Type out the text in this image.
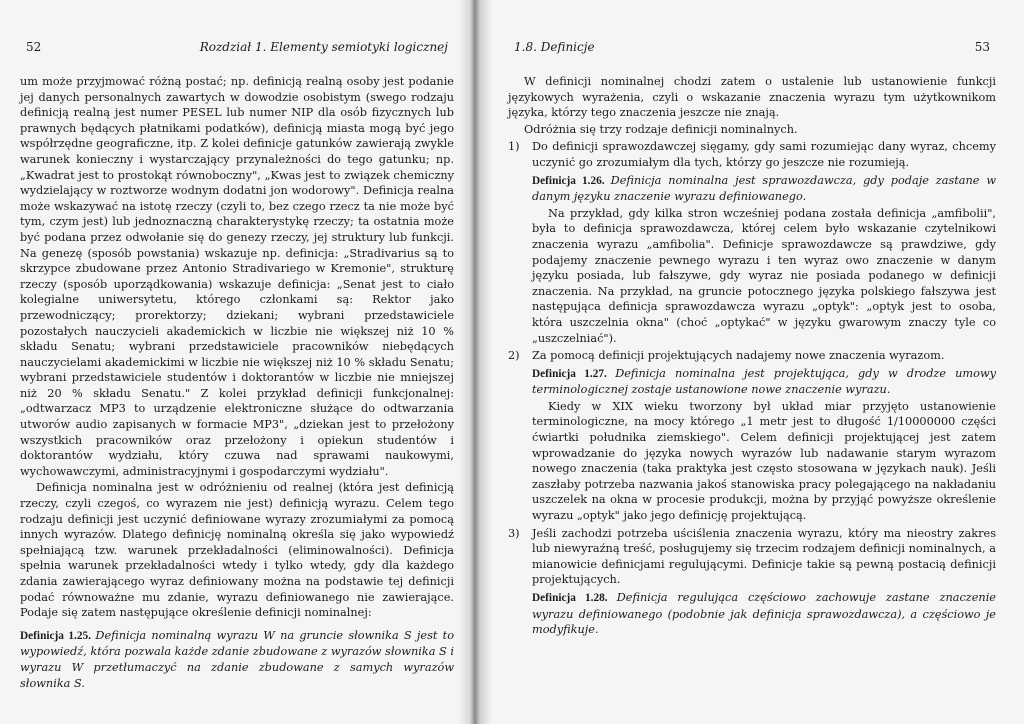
52	Rozdział 1. Elementy semiotyki logicznej

um może przyjmować różną postać; np. definicją realną osoby jest podanie jej danych personalnych zawartych w dowodzie osobistym (swego rodzaju definicją realną jest numer PESEL lub numer NIP dla osób fizycznych lub prawnych będących płatnikami podatków), definicją miasta mogą być jego współrzędne geograficzne, itp. Z kolei definicje gatunków zawierają zwykle warunek konieczny i wystarczający przynależności do tego gatunku; np. „Kwadrat jest to prostokąt równoboczny", „Kwas jest to związek chemiczny wydzielający w roztworze wodnym dodatni jon wodorowy". Definicja realna może wskazywać na istotę rzeczy (czyli to, bez czego rzecz ta nie może być tym, czym jest) lub jednoznaczną charakterystykę rzeczy; ta ostatnia może być podana przez odwołanie się do genezy rzeczy, jej struktury lub funkcji. Na genezę (sposób powstania) wskazuje np. definicja: „Stradivarius są to skrzypce zbudowane przez Antonio Stradivariego w Kremonie", strukturę rzeczy (sposób uporządkowania) wskazuje definicja: „Senat jest to ciało kolegialne uniwersytetu, którego członkami są: Rektor jako przewodniczący; prorektorzy; dziekani; wybrani przedstawiciele pozostałych nauczycieli akademickich w liczbie nie większej niż 10 % składu Senatu; wybrani przedstawiciele pracowników niebędących nauczycielami akademickimi w liczbie nie większej niż 10 % składu Senatu; wybrani przedstawiciele studentów i doktorantów w liczbie nie mniejszej niż 20 % składu Senatu." Z kolei przykład definicji funkcjonalnej: „odtwarzacz MP3 to urządzenie elektroniczne służące do odtwarzania utworów audio zapisanych w formacie MP3", „dziekan jest to przełożony wszystkich pracowników oraz przełożony i opiekun studentów i doktorantów wydziału, który czuwa nad sprawami naukowymi, wychowawczymi, administracyjnymi i gospodarczymi wydziału".

Definicja nominalna jest w odróżnieniu od realnej (która jest definicją rzeczy, czyli czegoś, co wyrazem nie jest) definicją wyrazu. Celem tego rodzaju definicji jest uczynić definiowane wyrazy zrozumiałymi za pomocą innych wyrazów. Dlatego definicję nominalną określa się jako wypowiedź spełniającą tzw. warunek przekładalności (eliminowalności). Definicja spełnia warunek przekładalności wtedy i tylko wtedy, gdy dla każdego zdania zawierającego wyraz definiowany można na podstawie tej definicji podać równoważne mu zdanie, wyrazu definiowanego nie zawierające. Podaje się zatem następujące określenie definicji nominalnej:

Definicja 1.25. Definicja nominalną wyrazu W na gruncie słownika S jest to wypowiedź, która pozwala każde zdanie zbudowane z wyrazów słownika S i wyrazu W przetłumaczyć na zdanie zbudowane z samych wyrazów słownika S.

1.8. Definicje	53

W definicji nominalnej chodzi zatem o ustalenie lub ustanowienie funkcji językowych wyrażenia, czyli o wskazanie znaczenia wyrazu tym użytkownikom języka, którzy tego znaczenia jeszcze nie znają.

Odróżnia się trzy rodzaje definicji nominalnych.

1)	Do definicji sprawozdawczej sięgamy, gdy sami rozumiejąc dany wyraz, chcemy uczynić go zrozumiałym dla tych, którzy go jeszcze nie rozumieją.

Definicja 1.26. Definicja nominalna jest sprawozdawcza, gdy podaje zastane w danym języku znaczenie wyrazu definiowanego.

Na przykład, gdy kilka stron wcześniej podana została definicja „amfibolii", była to definicja sprawozdawcza, której celem było wskazanie czytelnikowi znaczenia wyrazu „amfibolia". Definicje sprawozdawcze są prawdziwe, gdy podajemy znaczenie pewnego wyrazu i ten wyraz owo znaczenie w danym języku posiada, lub fałszywe, gdy wyraz nie posiada podanego w definicji znaczenia. Na przykład, na gruncie potocznego języka polskiego fałszywa jest następująca definicja sprawozdawcza wyrazu „optyk": „optyk jest to osoba, która uszczelnia okna" (choć „optykać" w języku gwarowym znaczy tyle co „uszczelniać").

2)	Za pomocą definicji projektujących nadajemy nowe znaczenia wyrazom.

Definicja 1.27. Definicja nominalna jest projektująca, gdy w drodze umowy terminologicznej zostaje ustanowione nowe znaczenie wyrazu.

Kiedy w XIX wieku tworzony był układ miar przyjęto ustanowienie terminologiczne, na mocy którego „1 metr jest to długość 1/10000000 części ćwiartki południka ziemskiego". Celem definicji projektującej jest zatem wprowadzanie do języka nowych wyrazów lub nadawanie starym wyrazom nowego znaczenia (taka praktyka jest często stosowana w językach nauk). Jeśli zaszłaby potrzeba nazwania jakoś stanowiska pracy polegającego na nakładaniu uszczelek na okna w procesie produkcji, można by przyjąć powyższe określenie wyrazu „optyk" jako jego definicję projektującą.

3)	Jeśli zachodzi potrzeba uściślenia znaczenia wyrazu, który ma nieostry zakres lub niewyraźną treść, posługujemy się trzecim rodzajem definicji nominalnych, a mianowicie definicjami regulującymi. Definicje takie są pewną postacią definicji projektujących.

Definicja 1.28. Definicja regulująca częściowo zachowuje zastane znaczenie wyrazu definiowanego (podobnie jak definicja sprawozdawcza), a częściowo je modyfikuje.
